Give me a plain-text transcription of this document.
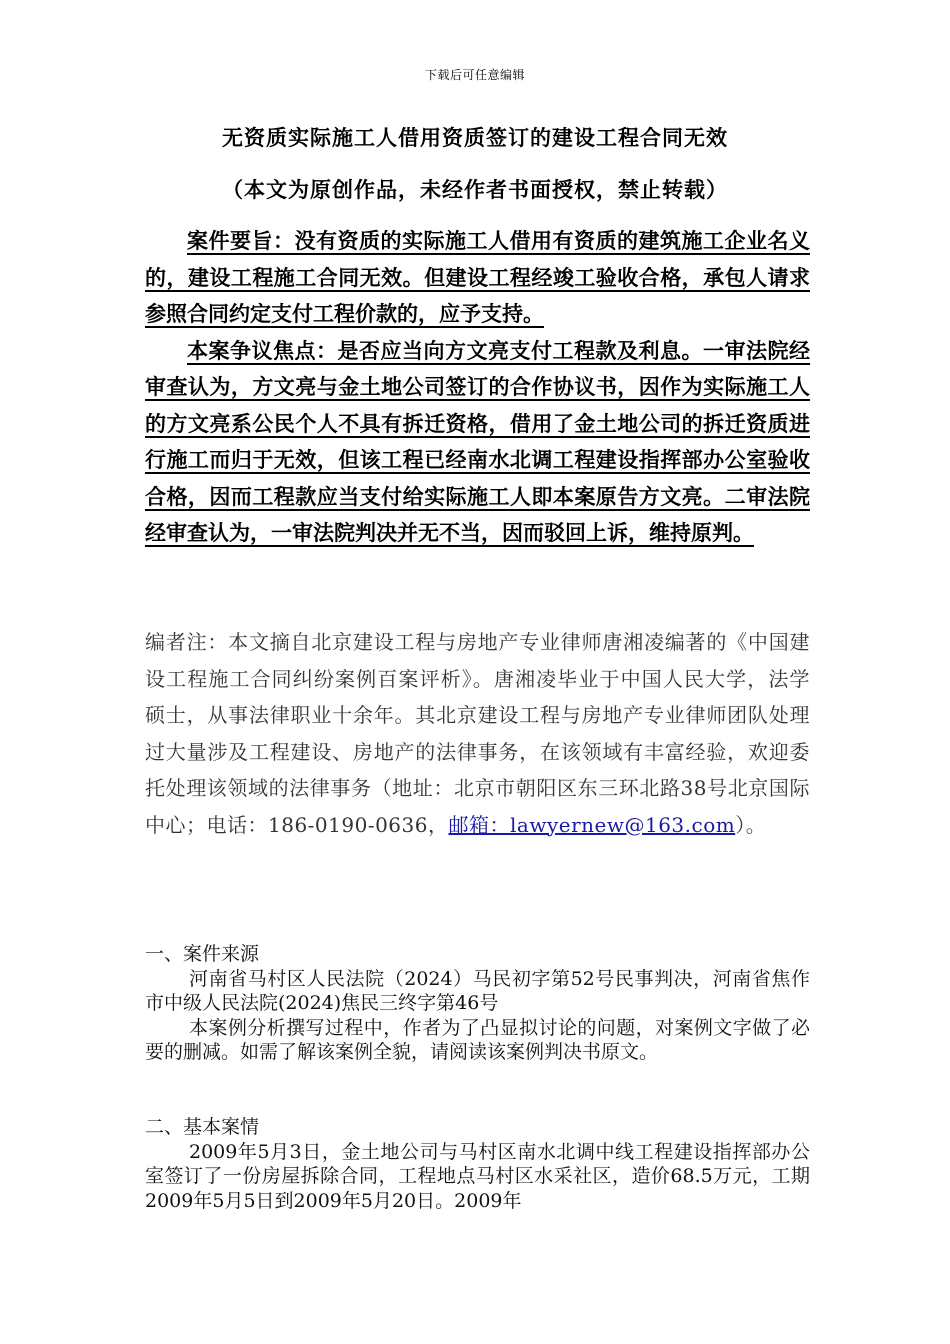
下载后可任意编辑
无资质实际施工人借用资质签订的建设工程合同无效
（本文为原创作品，未经作者书面授权，禁止转载）

案件要旨：没有资质的实际施工人借用有资质的建筑施工企业名义的，建设工程施工合同无效。但建设工程经竣工验收合格，承包人请求参照合同约定支付工程价款的，应予支持。

本案争议焦点：是否应当向方文亮支付工程款及利息。一审法院经审查认为，方文亮与金土地公司签订的合作协议书，因作为实际施工人的方文亮系公民个人不具有拆迁资格，借用了金土地公司的拆迁资质进行施工而归于无效，但该工程已经南水北调工程建设指挥部办公室验收合格，因而工程款应当支付给实际施工人即本案原告方文亮。二审法院经审查认为，一审法院判决并无不当，因而驳回上诉，维持原判。

编者注：本文摘自北京建设工程与房地产专业律师唐湘凌编著的《中国建设工程施工合同纠纷案例百案评析》。唐湘凌毕业于中国人民大学，法学硕士，从事法律职业十余年。其北京建设工程与房地产专业律师团队处理过大量涉及工程建设、房地产的法律事务，在该领域有丰富经验，欢迎委托处理该领域的法律事务（地址：北京市朝阳区东三环北路38号北京国际中心；电话：186-0190-0636，邮箱：lawyernew@163.com）。

一、案件来源

河南省马村区人民法院（2024）马民初字第52号民事判决，河南省焦作市中级人民法院(2024)焦民三终字第46号

本案例分析撰写过程中，作者为了凸显拟讨论的问题，对案例文字做了必要的删减。如需了解该案例全貌，请阅读该案例判决书原文。

二、基本案情

2009年5月3日，金土地公司与马村区南水北调中线工程建设指挥部办公室签订了一份房屋拆除合同，工程地点马村区水采社区，造价68.5万元，工期2009年5月5日到2009年5月20日。2009年
